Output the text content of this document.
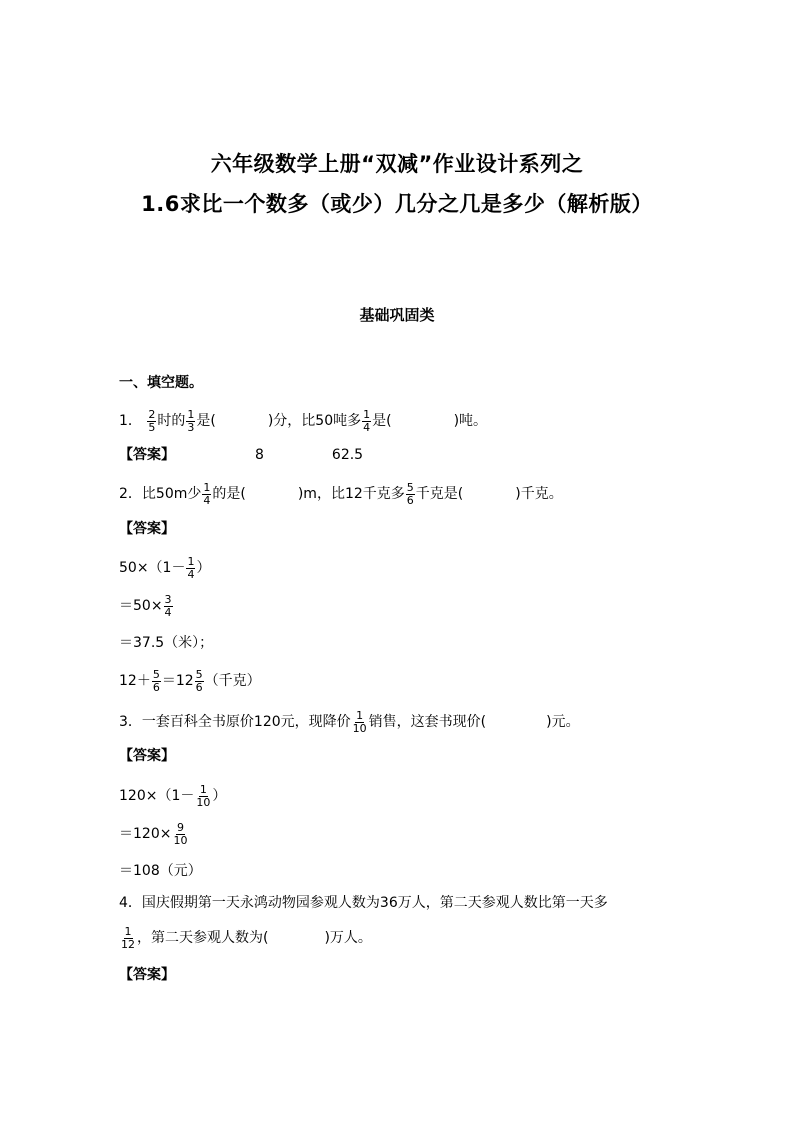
六年级数学上册“双减”作业设计系列之
1.6求比一个数多（或少）几分之几是多少（解析版）
基础巩固类
一、填空题。
1． $\frac{2}{5}$ 时的 $\frac{1}{3}$ 是(	)分，比50吨多 $\frac{1}{4}$ 是(	)吨。
【答案】	8	62.5
2．比50m少 $\frac{1}{4}$ 的是(	)m，比12千克多 $\frac{5}{6}$ 千克是(	)千克。
【答案】
$50\times(1- \frac{1}{4}$ ）
$=50\times \frac{3}{4}$
＝37.5（米）；
$12+ \frac{5}{6} =12 \frac{5}{6}$ （千克）
3．一套百科全书原价120元，现降价 $\frac{1}{10}$ 销售，这套书现价(	)元。
【答案】
$120\times(1- \frac{1}{10}$ ）
$=120\times \frac{9}{10}$
＝108（元）
4．国庆假期第一天永鸿动物园参观人数为36万人，第二天参观人数比第一天多
$\frac{1}{12}$ ，第二天参观人数为(	)万人。
【答案】
